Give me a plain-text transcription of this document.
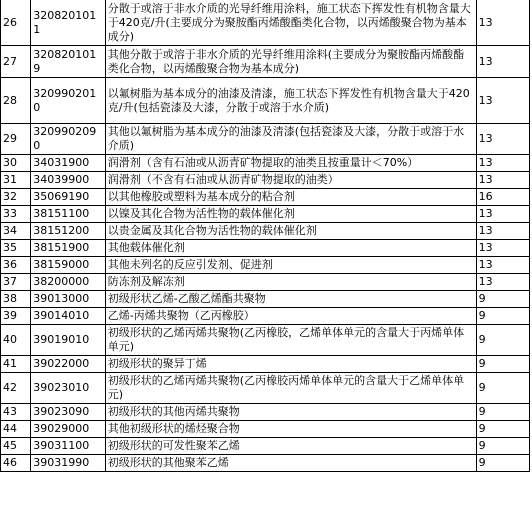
26	3208201011	分散于或溶于非水介质的光导纤维用涂料，施工状态下挥发性有机物含量大于420克/升(主要成分为聚胺酯丙烯酸酯类化合物，以丙烯酸聚合物为基本成分)	13
27	3208201019	其他分散于或溶于非水介质的光导纤维用涂料(主要成分为聚胺酯丙烯酸酯类化合物，以丙烯酸聚合物为基本成分)	13
28	3209902010	以氟树脂为基本成分的油漆及清漆，施工状态下挥发性有机物含量大于420克/升(包括瓷漆及大漆，分散于或溶于水介质)	13
29	3209902090	其他以氟树脂为基本成分的油漆及清漆(包括瓷漆及大漆，分散于或溶于水介质)	13
30	34031900	润滑剂（含有石油或从沥青矿物提取的油类且按重量计＜70%）	13
31	34039900	润滑剂（不含有石油或从沥青矿物提取的油类）	13
32	35069190	以其他橡胶或塑料为基本成分的粘合剂	16
33	38151100	以镍及其化合物为活性物的载体催化剂	13
34	38151200	以贵金属及其化合物为活性物的载体催化剂	13
35	38151900	其他载体催化剂	13
36	38159000	其他未列名的反应引发剂、促进剂	13
37	38200000	防冻剂及解冻剂	13
38	39013000	初级形状乙烯-乙酸乙烯酯共聚物	9
39	39014010	乙烯-丙烯共聚物（乙丙橡胶）	9
40	39019010	初级形状的乙烯丙烯共聚物(乙丙橡胶，乙烯单体单元的含量大于丙烯单体单元)	9
41	39022000	初级形状的聚异丁烯	9
42	39023010	初级形状的乙烯丙烯共聚物(乙丙橡胶丙烯单体单元的含量大于乙烯单体单元)	9
43	39023090	初级形状的其他丙烯共聚物	9
44	39029000	其他初级形状的烯烃聚合物	9
45	39031100	初级形状的可发性聚苯乙烯	9
46	39031990	初级形状的其他聚苯乙烯	9
